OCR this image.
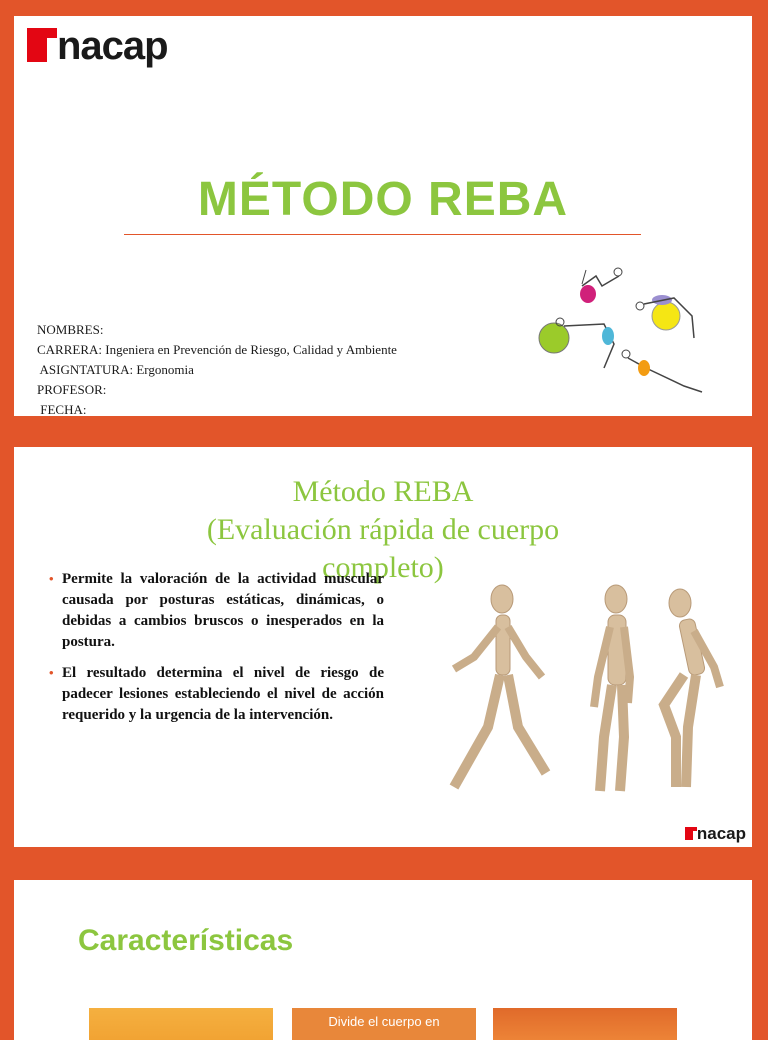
nacap
MÉTODO REBA
NOMBRES:
CARRERA: Ingeniera en Prevención de Riesgo, Calidad y Ambiente
ASIGNTATURA: Ergonomia
PROFESOR:
FECHA:
Método REBA
(Evaluación rápida de cuerpo
completo)
• Permite la valoración de la actividad muscular causada por posturas estáticas, dinámicas, o debidas a cambios bruscos o inesperados en la postura.
• El resultado determina el nivel de riesgo de padecer lesiones estableciendo el nivel de acción requerido y la urgencia de la intervención.
nacap
Características
Divide el cuerpo en
